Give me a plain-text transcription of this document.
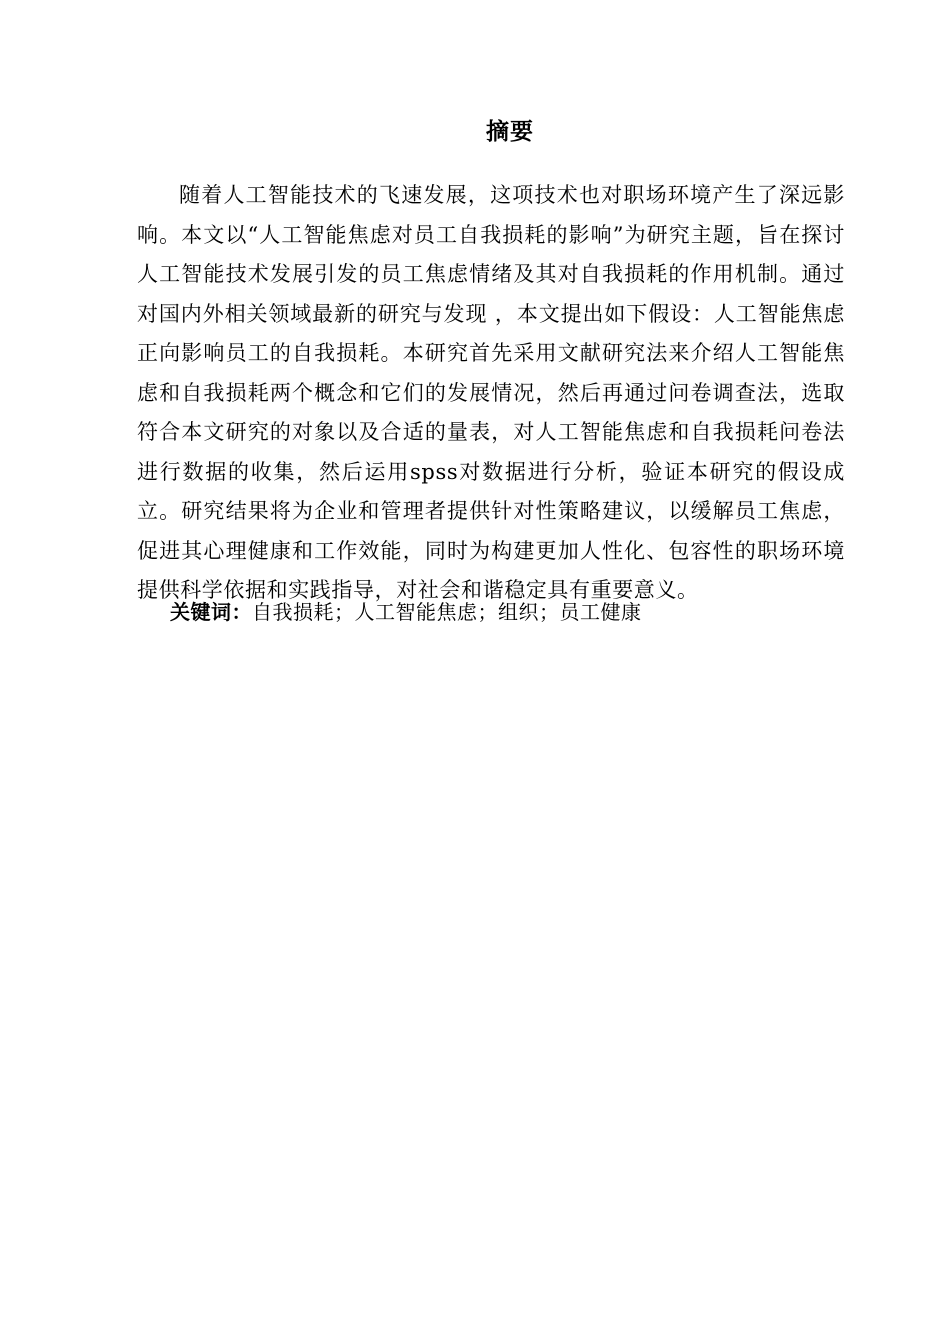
摘要

随着人工智能技术的飞速发展，这项技术也对职场环境产生了深远影响。本文以“人工智能焦虑对员工自我损耗的影响”为研究主题，旨在探讨人工智能技术发展引发的员工焦虑情绪及其对自我损耗的作用机制。通过对国内外相关领域最新的研究与发现 ，本文提出如下假设：人工智能焦虑正向影响员工的自我损耗。本研究首先采用文献研究法来介绍人工智能焦虑和自我损耗两个概念和它们的发展情况，然后再通过问卷调查法，选取符合本文研究的对象以及合适的量表，对人工智能焦虑和自我损耗问卷法进行数据的收集，然后运用spss对数据进行分析，验证本研究的假设成立。研究结果将为企业和管理者提供针对性策略建议，以缓解员工焦虑，促进其心理健康和工作效能，同时为构建更加人性化、包容性的职场环境提供科学依据和实践指导，对社会和谐稳定具有重要意义。

关键词：自我损耗；人工智能焦虑；组织；员工健康
